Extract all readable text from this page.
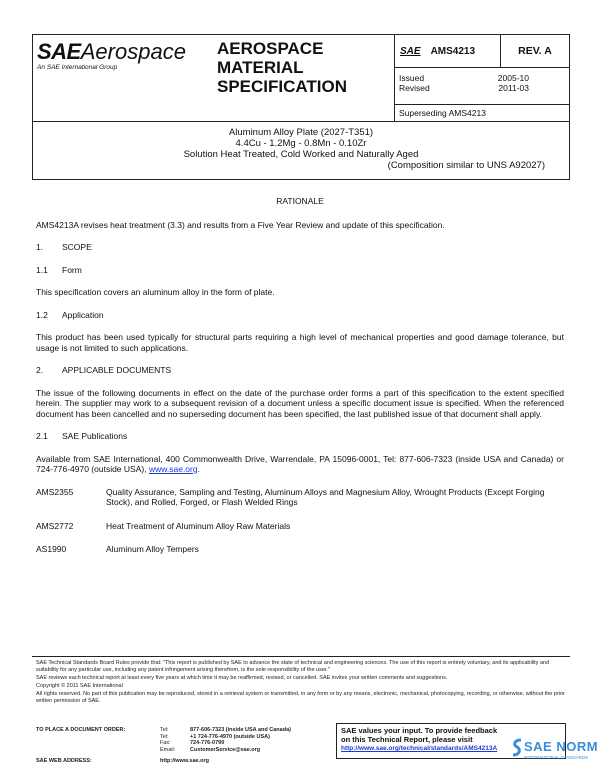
SAEAerospace
An SAE International Group
AEROSPACE
MATERIAL
SPECIFICATION
SAE AMS4213	REV. A
Issued	2005-10
Revised	2011-03
Superseding AMS4213
Aluminum Alloy Plate (2027-T351)
4.4Cu - 1.2Mg - 0.8Mn - 0.10Zr
Solution Heat Treated, Cold Worked and Naturally Aged
(Composition similar to UNS A92027)
RATIONALE
AMS4213A revises heat treatment (3.3) and results from a Five Year Review and update of this specification.
1. SCOPE
1.1 Form
This specification covers an aluminum alloy in the form of plate.
1.2 Application
This product has been used typically for structural parts requiring a high level of mechanical properties and good damage tolerance, but usage is not limited to such applications.
2. APPLICABLE DOCUMENTS
The issue of the following documents in effect on the date of the purchase order forms a part of this specification to the extent specified herein. The supplier may work to a subsequent revision of a document unless a specific document issue is specified. When the referenced document has been cancelled and no superseding document has been specified, the last published issue of that document shall apply.
2.1 SAE Publications
Available from SAE International, 400 Commonwealth Drive, Warrendale, PA 15096-0001, Tel: 877-606-7323 (inside USA and Canada) or 724-776-4970 (outside USA), www.sae.org.
AMS2355	Quality Assurance, Sampling and Testing, Aluminum Alloys and Magnesium Alloy, Wrought Products (Except Forging Stock), and Rolled, Forged, or Flash Welded Rings
AMS2772	Heat Treatment of Aluminum Alloy Raw Materials
AS1990	Aluminum Alloy Tempers
SAE Technical Standards Board Rules provide that: "This report is published by SAE to advance the state of technical and engineering sciences. The use of this report is entirely voluntary, and its applicability and suitability for any particular use, including any patent infringement arising therefrom, is the sole responsibility of the user."
SAE reviews each technical report at least every five years at which time it may be reaffirmed, revised, or cancelled. SAE invites your written comments and suggestions.
Copyright © 2011 SAE International
All rights reserved. No part of this publication may be reproduced, stored in a retrieval system or transmitted, in any form or by any means, electronic, mechanical, photocopying, recording, or otherwise, without the prior written permission of SAE.
TO PLACE A DOCUMENT ORDER:	Tel:	877-606-7323 (inside USA and Canada)
Tel:	+1 724-776-4970 (outside USA)
Fax:	724-776-0790
Email:	CustomerService@sae.org
SAE WEB ADDRESS:	http://www.sae.org
SAE values your input. To provide feedback
on this Technical Report, please visit
http://www.sae.org/technical/standards/AMS4213A	SAE NORM
INTERNATIONAL STANDARDS
